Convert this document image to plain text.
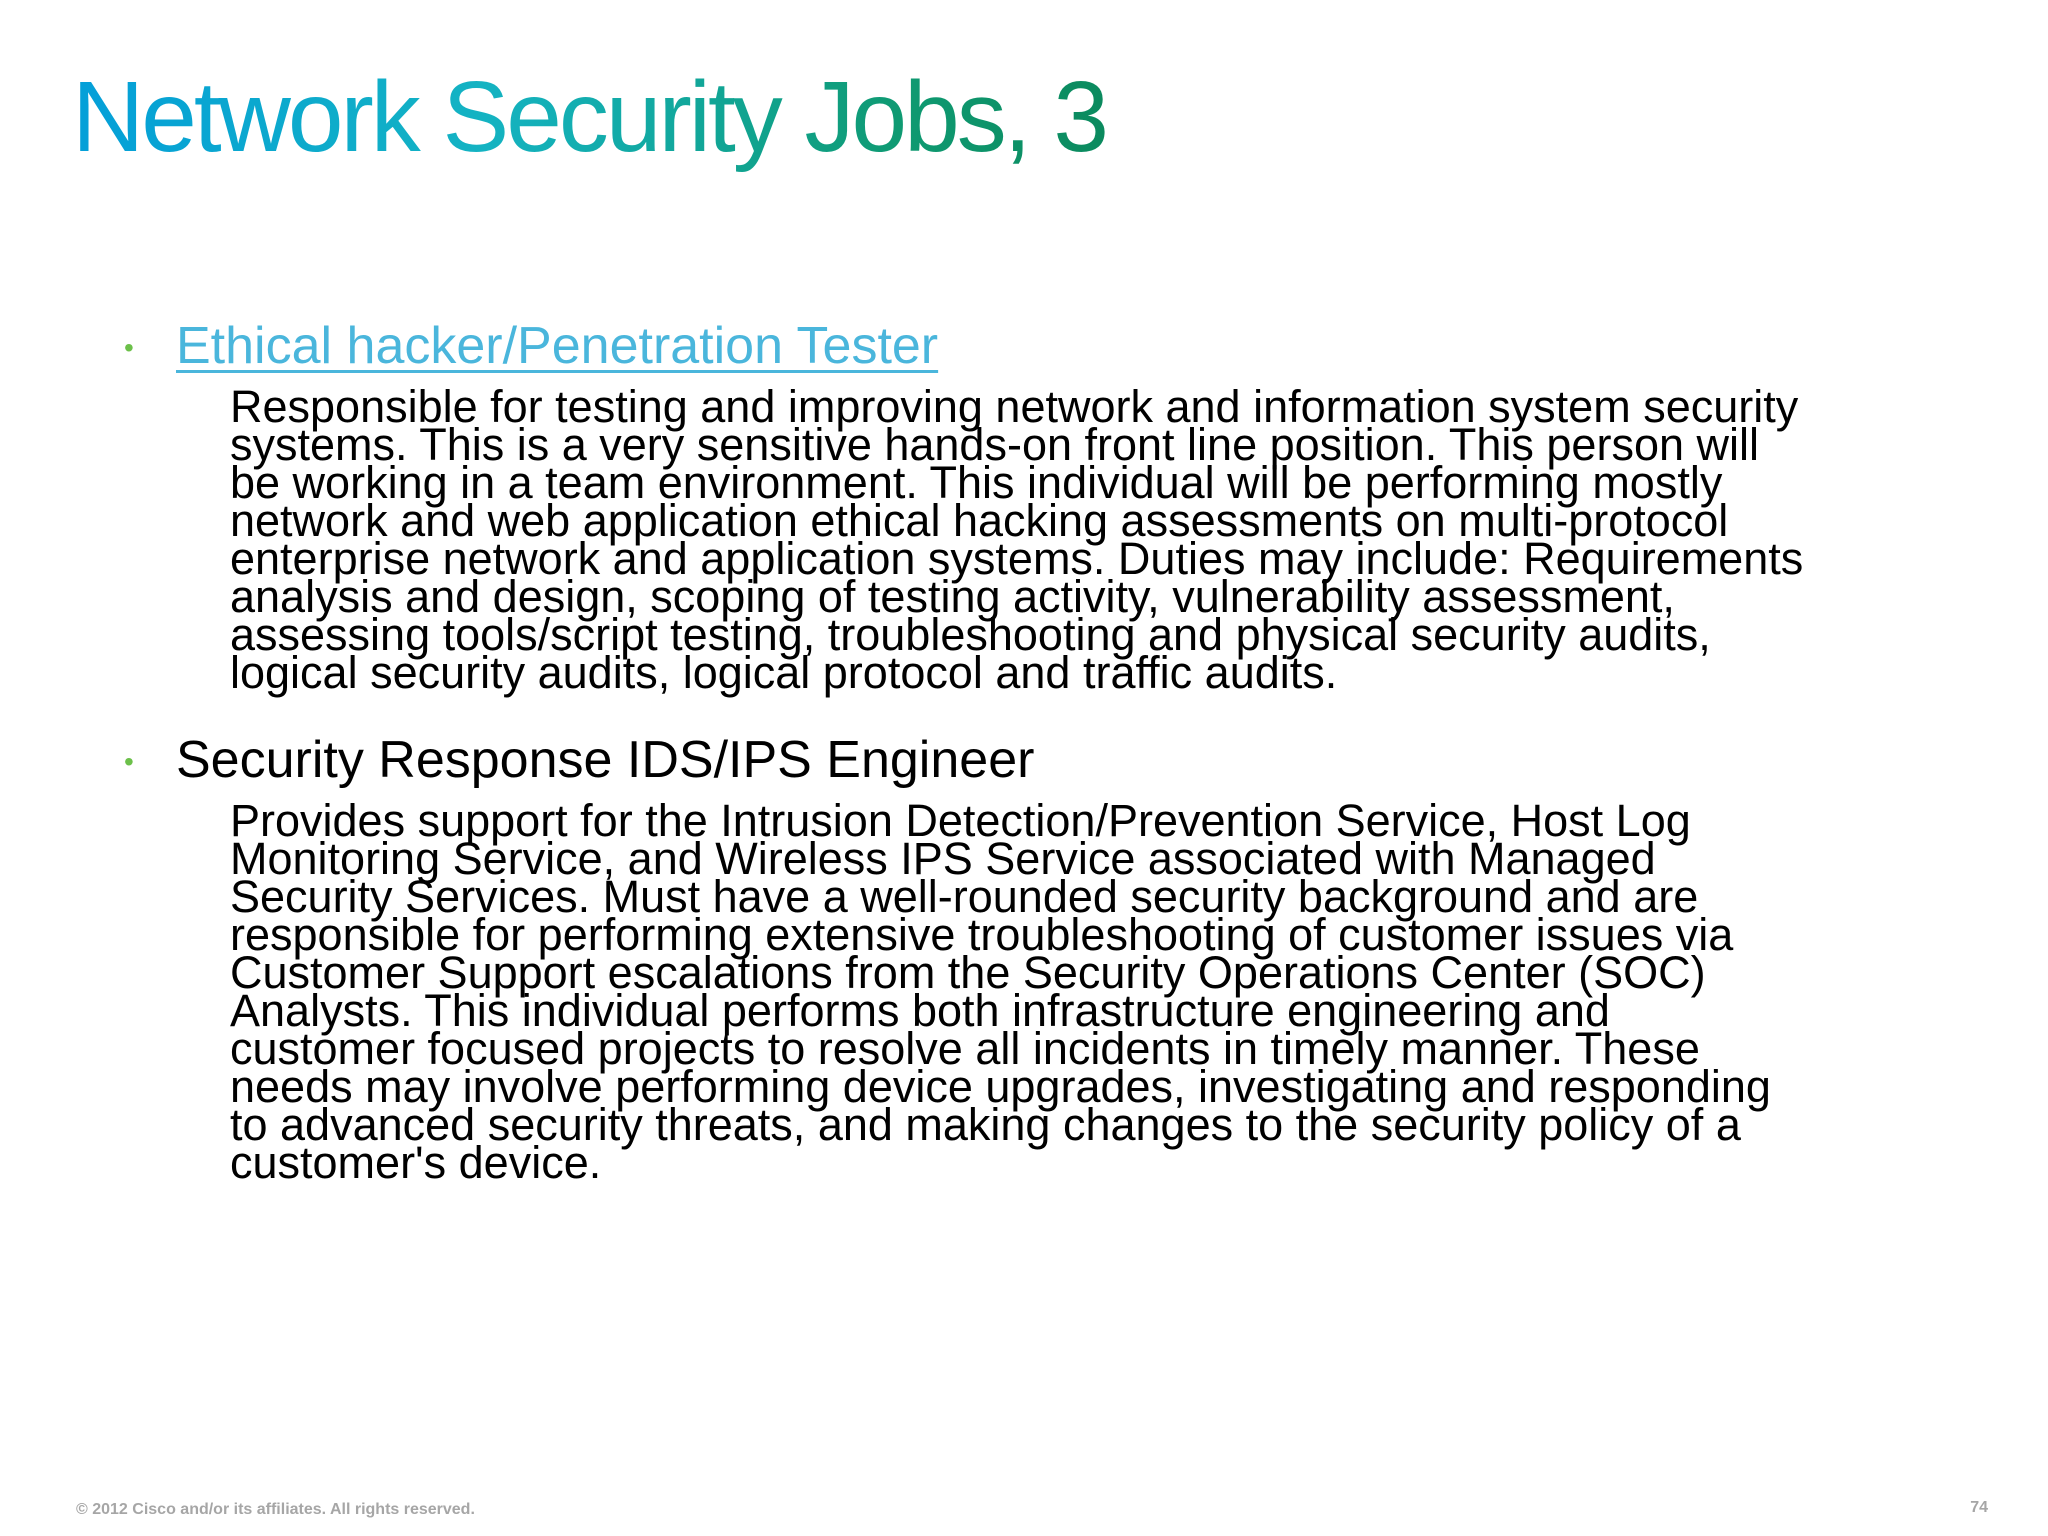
Network Security Jobs, 3
• Ethical hacker/Penetration Tester
Responsible for testing and improving network and information system security
systems. This is a very sensitive hands-on front line position. This person will
be working in a team environment. This individual will be performing mostly
network and web application ethical hacking assessments on multi-protocol
enterprise network and application systems. Duties may include: Requirements
analysis and design, scoping of testing activity, vulnerability assessment,
assessing tools/script testing, troubleshooting and physical security audits,
logical security audits, logical protocol and traffic audits.
• Security Response IDS/IPS Engineer
Provides support for the Intrusion Detection/Prevention Service, Host Log
Monitoring Service, and Wireless IPS Service associated with Managed
Security Services. Must have a well-rounded security background and are
responsible for performing extensive troubleshooting of customer issues via
Customer Support escalations from the Security Operations Center (SOC)
Analysts. This individual performs both infrastructure engineering and
customer focused projects to resolve all incidents in timely manner. These
needs may involve performing device upgrades, investigating and responding
to advanced security threats, and making changes to the security policy of a
customer's device.
© 2012 Cisco and/or its affiliates. All rights reserved.	74
